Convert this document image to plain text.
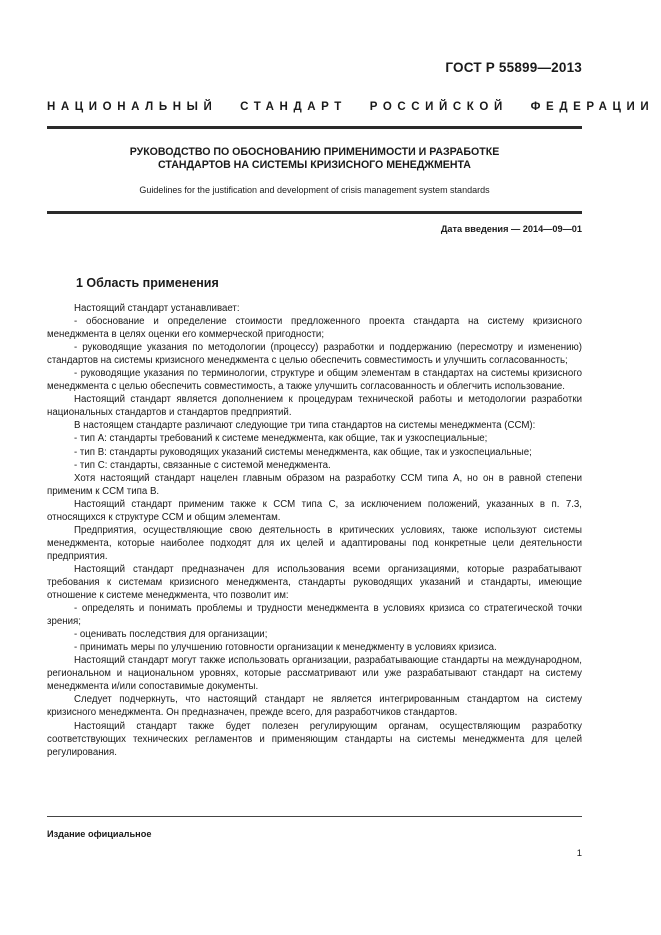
ГОСТ Р 55899—2013
НАЦИОНАЛЬНЫЙ СТАНДАРТ РОССИЙСКОЙ ФЕДЕРАЦИИ
РУКОВОДСТВО ПО ОБОСНОВАНИЮ ПРИМЕНИМОСТИ И РАЗРАБОТКЕ
СТАНДАРТОВ НА СИСТЕМЫ КРИЗИСНОГО МЕНЕДЖМЕНТА
Guidelines for the justification and development of crisis management system standards
Дата введения — 2014—09—01
1 Область применения

Настоящий стандарт устанавливает:

- обоснование и определение стоимости предложенного проекта стандарта на систему кризисного менеджмента в целях оценки его коммерческой пригодности;

- руководящие указания по методологии (процессу) разработки и поддержанию (пересмотру и изменению) стандартов на системы кризисного менеджмента с целью обеспечить совместимость и улучшить согласованность;

- руководящие указания по терминологии, структуре и общим элементам в стандартах на системы кризисного менеджмента с целью обеспечить совместимость, а также улучшить согласованность и облегчить использование.

Настоящий стандарт является дополнением к процедурам технической работы и методологии разработки национальных стандартов и стандартов предприятий.

В настоящем стандарте различают следующие три типа стандартов на системы менеджмента (ССМ):

- тип А: стандарты требований к системе менеджмента, как общие, так и узкоспециальные;

- тип В: стандарты руководящих указаний системы менеджмента, как общие, так и узкоспециальные;

- тип С: стандарты, связанные с системой менеджмента.

Хотя настоящий стандарт нацелен главным образом на разработку ССМ типа А, но он в равной степени применим к ССМ типа В.

Настоящий стандарт применим также к ССМ типа С, за исключением положений, указанных в п. 7.3, относящихся к структуре ССМ и общим элементам.

Предприятия, осуществляющие свою деятельность в критических условиях, также используют системы менеджмента, которые наиболее подходят для их целей и адаптированы под конкретные цели деятельности предприятия.

Настоящий стандарт предназначен для использования всеми организациями, которые разрабатывают требования к системам кризисного менеджмента, стандарты руководящих указаний и стандарты, имеющие отношение к системе менеджмента, что позволит им:

- определять и понимать проблемы и трудности менеджмента в условиях кризиса со стратегической точки зрения;

- оценивать последствия для организации;

- принимать меры по улучшению готовности организации к менеджменту в условиях кризиса.

Настоящий стандарт могут также использовать организации, разрабатывающие стандарты на международном, региональном и национальном уровнях, которые рассматривают или уже разрабатывают стандарт на систему менеджмента и/или сопоставимые документы.

Следует подчеркнуть, что настоящий стандарт не является интегрированным стандартом на систему кризисного менеджмента. Он предназначен, прежде всего, для разработчиков стандартов.

Настоящий стандарт также будет полезен регулирующим органам, осуществляющим разработку соответствующих технических регламентов и применяющим стандарты на системы менеджмента для целей регулирования.

Издание официальное
1
